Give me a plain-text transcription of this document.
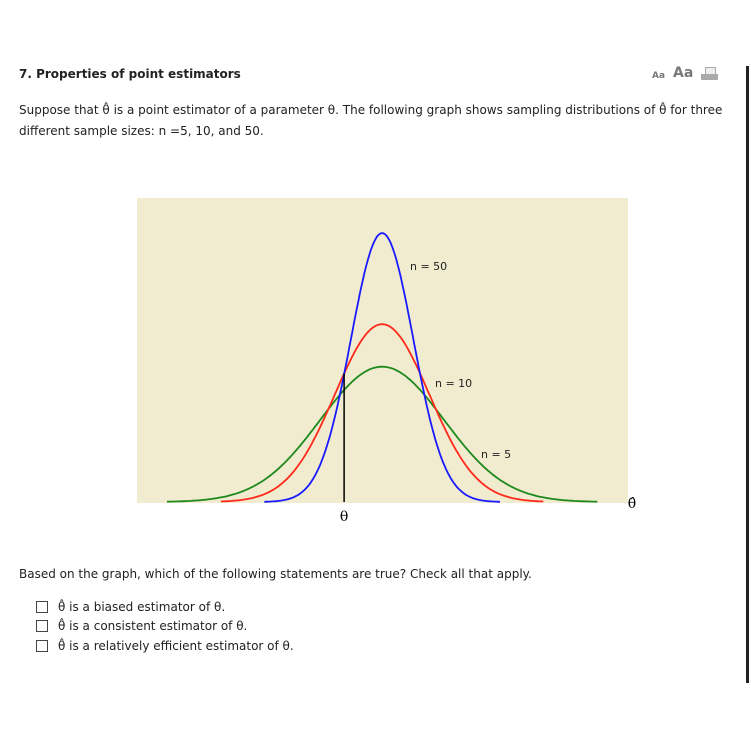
7. Properties of point estimators	Aa Aa
Suppose that θ̂ is a point estimator of a parameter θ. The following graph shows sampling distributions of θ̂ for three different sample sizes: n =5, 10, and 50.
θ
θ̂
n = 50
n = 10
n = 5
Based on the graph, which of the following statements are true? Check all that apply.
θ̂ is a biased estimator of θ.
θ̂ is a consistent estimator of θ.
θ̂ is a relatively efficient estimator of θ.
